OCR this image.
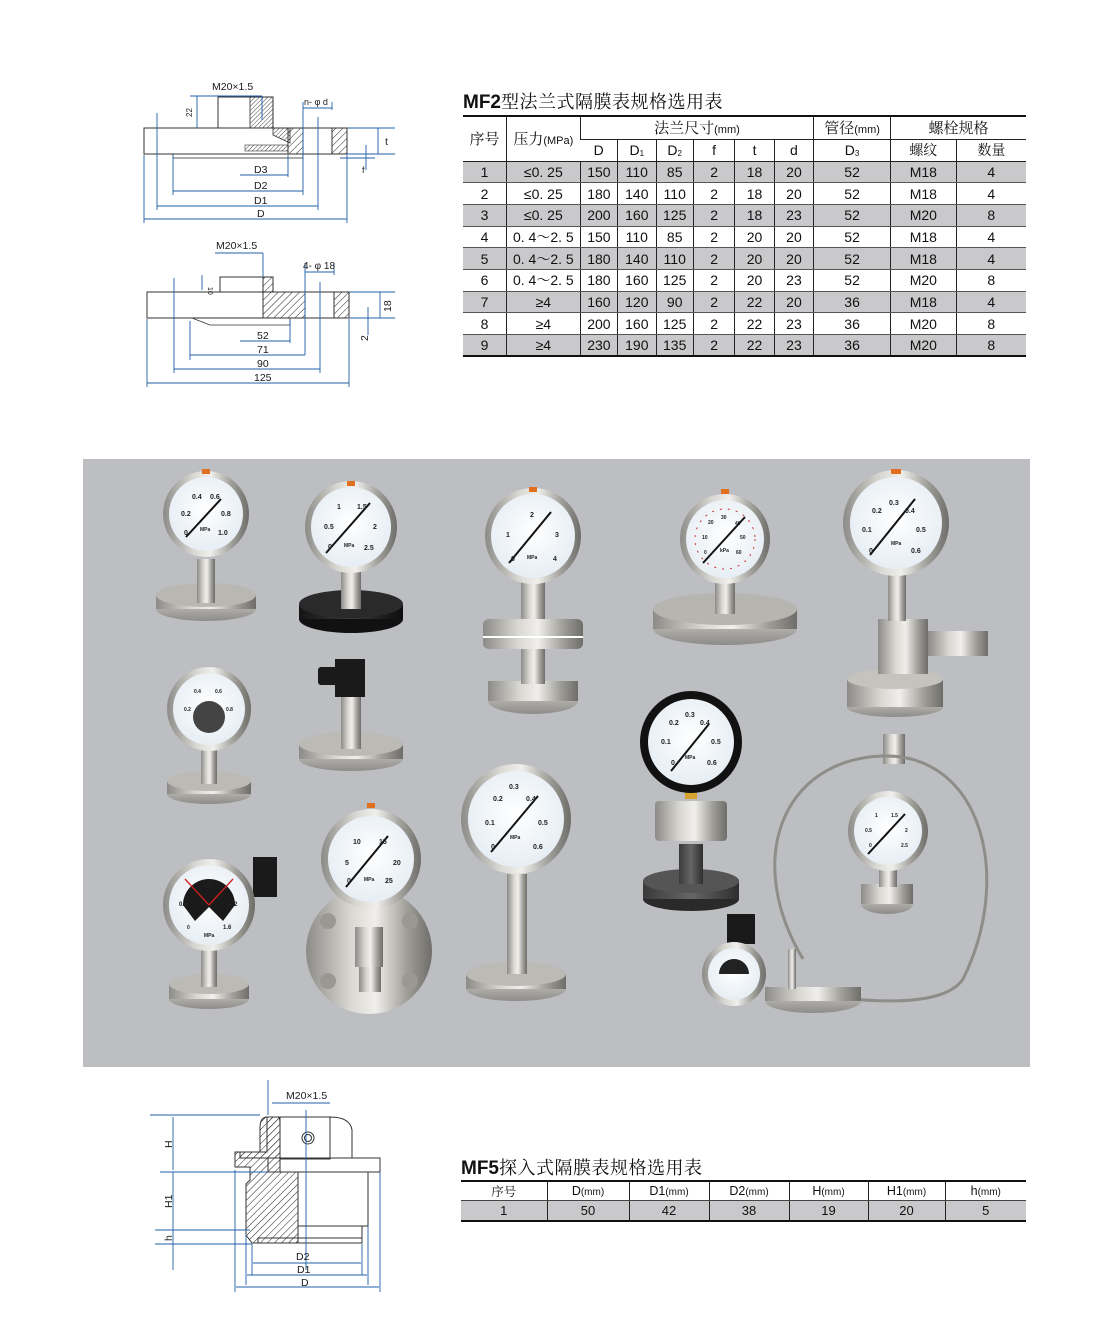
M20×1.5
n- φ d
22
t
f
D3
D2
D1
D
M20×1.5
4- φ 18
10
18
2
52
71
90
125
MF2型法兰式隔膜表规格选用表
序号	压力(MPa)	法兰尺寸(mm)						管径(mm)	螺栓规格	
		D	$D_1$	$D_2$	f	t	d	$D_3$	螺纹	数量
1	≤0. 25	150	110	85	2	18	20	52	M18	4
2	≤0. 25	180	140	110	2	18	20	52	M18	4
3	≤0. 25	200	160	125	2	18	23	52	M20	8
4	0. 4～2. 5	150	110	85	2	20	20	52	M18	4
5	0. 4～2. 5	180	140	110	2	20	20	52	M18	4
6	0. 4～2. 5	180	160	125	2	20	23	52	M20	8
7	≥4	160	120	90	2	22	20	36	M18	4
8	≥4	200	160	125	2	22	23	36	M20	8
9	≥4	230	190	135	2	22	23	36	M20	8
0
0.2
0.4 0.6
0.8
1.0
MPa
0
0.5
1 1.5
2
2.5
MPa
0
1
2
3
4
MPa
0
10
20
30
40
50
60
kPa	0
0.1
0.2
0.3
0.4
0.5
0.6
MPa
0.2
0.4	0.6
0.8
0
0.1
0.2
0.3
0.4
0.5
0.6
MPa
0
0.5
1	1.5
2
2.5
0
0.4
0.8
1.2
1.6
MPa
0
5
10	15
20
25
MPa
0
0.1
0.2
0.3
0.4
0.5
0.6
MPa
M20×1.5
H
H1
h
D2
D1
D
MF5探入式隔膜表规格选用表
序号	D(mm)	D1(mm)	D2(mm)	H(mm)	H1(mm)	h(mm)
1	50	42	38	19	20	5
